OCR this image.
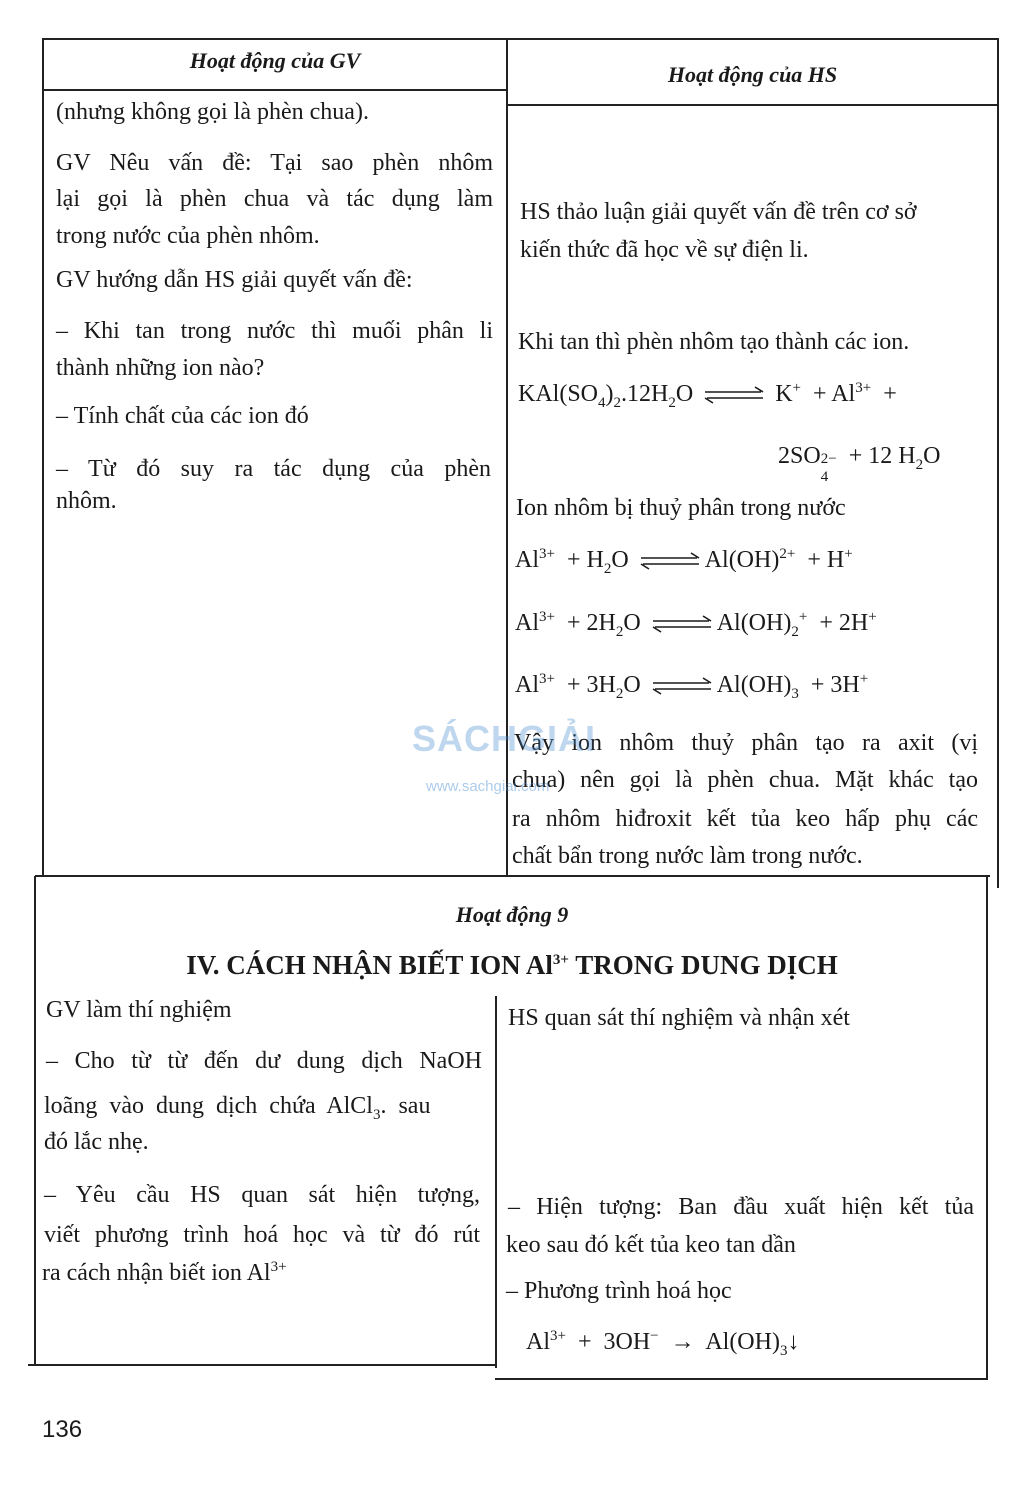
Hoạt động của GV
Hoạt động của HS
(nhưng không gọi là phèn chua).
GV Nêu vấn đề: Tại sao phèn nhôm
lại gọi là phèn chua và tác dụng làm
trong nước của phèn nhôm.
GV hướng dẫn HS giải quyết vấn đề:
– Khi tan trong nước thì muối phân li
thành những ion nào?
– Tính chất của các ion đó
– Từ đó suy ra tác dụng của phèn
nhôm.
HS thảo luận giải quyết vấn đề trên cơ sở
kiến thức đã học về sự điện li.
Khi tan thì phèn nhôm tạo thành các ion.
$KAl(SO_4)_2.12H_2O$ ⇌ $K^+ + Al^{3+}$  +
2SO 2−
4
+ 12 $H_2O$
Ion nhôm bị thuỷ phân trong nước
$Al^{3+} + H_2O$ ⇌ Al(OH)$^{2+}$  + H+
$Al^{3+} + 2H_2O$ ⇌ $Al(OH)_2^+ + 2H^+$
$Al^{3+} + 3H_2O$ ⇌ $Al(OH)_3 + 3H^+$
Vậy ion nhôm thuỷ phân tạo ra axit (vị
chua) nên gọi là phèn chua. Mặt khác tạo
ra nhôm hiđroxit kết tủa keo hấp phụ các
chất bẩn trong nước làm trong nước.
SÁCHGIẢI
www.sachgiai.com
Hoạt động 9
IV. CÁCH NHẬN BIẾT ION $Al^{3+}$ TRONG DUNG DỊCH
GV làm thí nghiệm
– Cho từ từ đến dư dung dịch NaOH
loãng  vào  dung  dịch  chứa  AlCl$_3$.  sau
đó lắc nhẹ.
– Yêu cầu HS quan sát hiện tượng,
viết phương trình hoá học và từ đó rút
ra cách nhận biết ion $Al^{3+}$
HS quan sát thí nghiệm và nhận xét
– Hiện tượng: Ban đầu xuất hiện kết tủa
keo sau đó kết tủa keo tan dần
– Phương trình hoá học
$Al^{3+} + 3OH^-$  →  $Al(OH)_3↓$
136
